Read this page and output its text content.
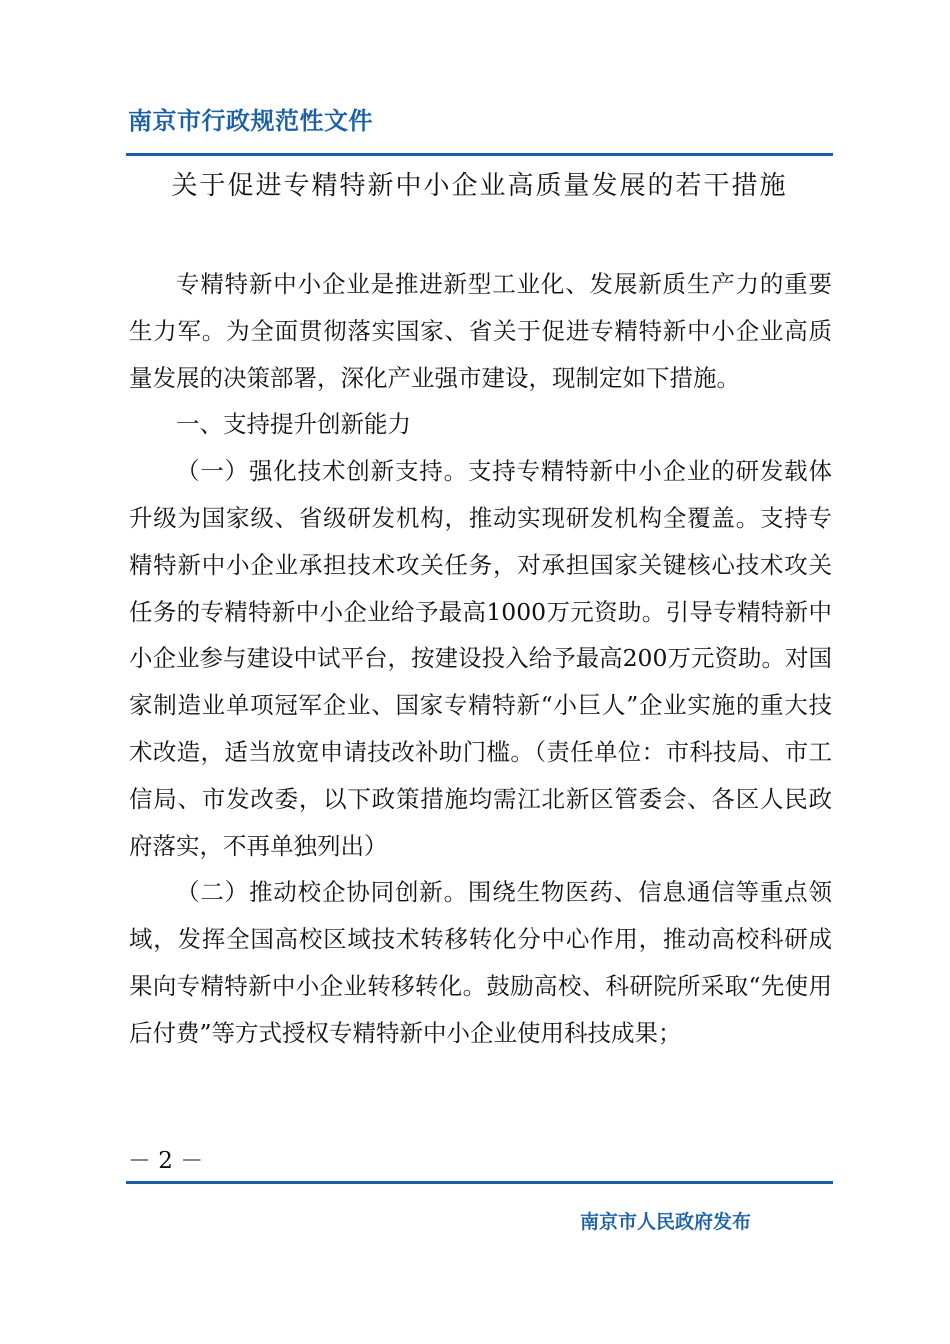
南京市行政规范性文件
关于促进专精特新中小企业高质量发展的若干措施

专精特新中小企业是推进新型工业化、发展新质生产力的重要生力军。为全面贯彻落实国家、省关于促进专精特新中小企业高质量发展的决策部署，深化产业强市建设，现制定如下措施。

一、支持提升创新能力

（一）强化技术创新支持。支持专精特新中小企业的研发载体升级为国家级、省级研发机构，推动实现研发机构全覆盖。支持专精特新中小企业承担技术攻关任务，对承担国家关键核心技术攻关任务的专精特新中小企业给予最高1000万元资助。引导专精特新中小企业参与建设中试平台，按建设投入给予最高200万元资助。对国家制造业单项冠军企业、国家专精特新“小巨人”企业实施的重大技术改造，适当放宽申请技改补助门槛。（责任单位：市科技局、市工信局、市发改委，以下政策措施均需江北新区管委会、各区人民政府落实，不再单独列出）

（二）推动校企协同创新。围绕生物医药、信息通信等重点领域，发挥全国高校区域技术转移转化分中心作用，推动高校科研成果向专精特新中小企业转移转化。鼓励高校、科研院所采取“先使用后付费”等方式授权专精特新中小企业使用科技成果；

－ 2 －
南京市人民政府发布
